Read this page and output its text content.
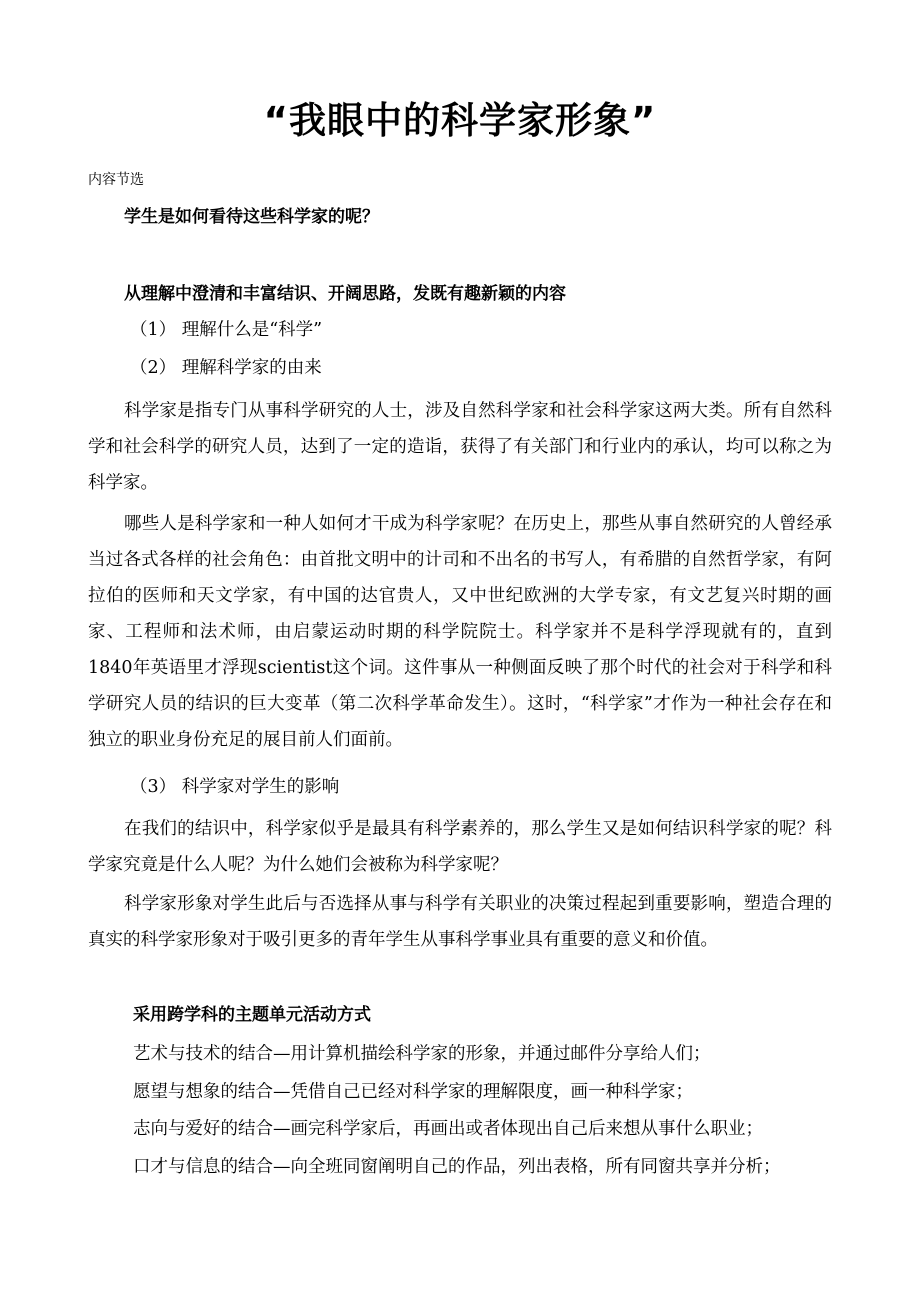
“我眼中的科学家形象”
内容节选
学生是如何看待这些科学家的呢？
从理解中澄清和丰富结识、开阔思路，发既有趣新颖的内容
（1） 理解什么是“科学”
（2） 理解科学家的由来
科学家是指专门从事科学研究的人士，涉及自然科学家和社会科学家这两大类。所有自然科学和社会科学的研究人员，达到了一定的造诣，获得了有关部门和行业内的承认，均可以称之为科学家。
哪些人是科学家和一种人如何才干成为科学家呢？在历史上，那些从事自然研究的人曾经承当过各式各样的社会角色：由首批文明中的计司和不出名的书写人，有希腊的自然哲学家，有阿拉伯的医师和天文学家，有中国的达官贵人，又中世纪欧洲的大学专家，有文艺复兴时期的画家、工程师和法术师，由启蒙运动时期的科学院院士。科学家并不是科学浮现就有的，直到1840年英语里才浮现scientist这个词。这件事从一种侧面反映了那个时代的社会对于科学和科学研究人员的结识的巨大变革（第二次科学革命发生）。这时，“科学家”才作为一种社会存在和独立的职业身份充足的展目前人们面前。
（3） 科学家对学生的影响
在我们的结识中，科学家似乎是最具有科学素养的，那么学生又是如何结识科学家的呢？科学家究竟是什么人呢？为什么她们会被称为科学家呢？
科学家形象对学生此后与否选择从事与科学有关职业的决策过程起到重要影响，塑造合理的真实的科学家形象对于吸引更多的青年学生从事科学事业具有重要的意义和价值。
采用跨学科的主题单元活动方式
艺术与技术的结合—用计算机描绘科学家的形象，并通过邮件分享给人们；
愿望与想象的结合—凭借自己已经对科学家的理解限度，画一种科学家；
志向与爱好的结合—画完科学家后，再画出或者体现出自己后来想从事什么职业；
口才与信息的结合—向全班同窗阐明自己的作品，列出表格，所有同窗共享并分析；
